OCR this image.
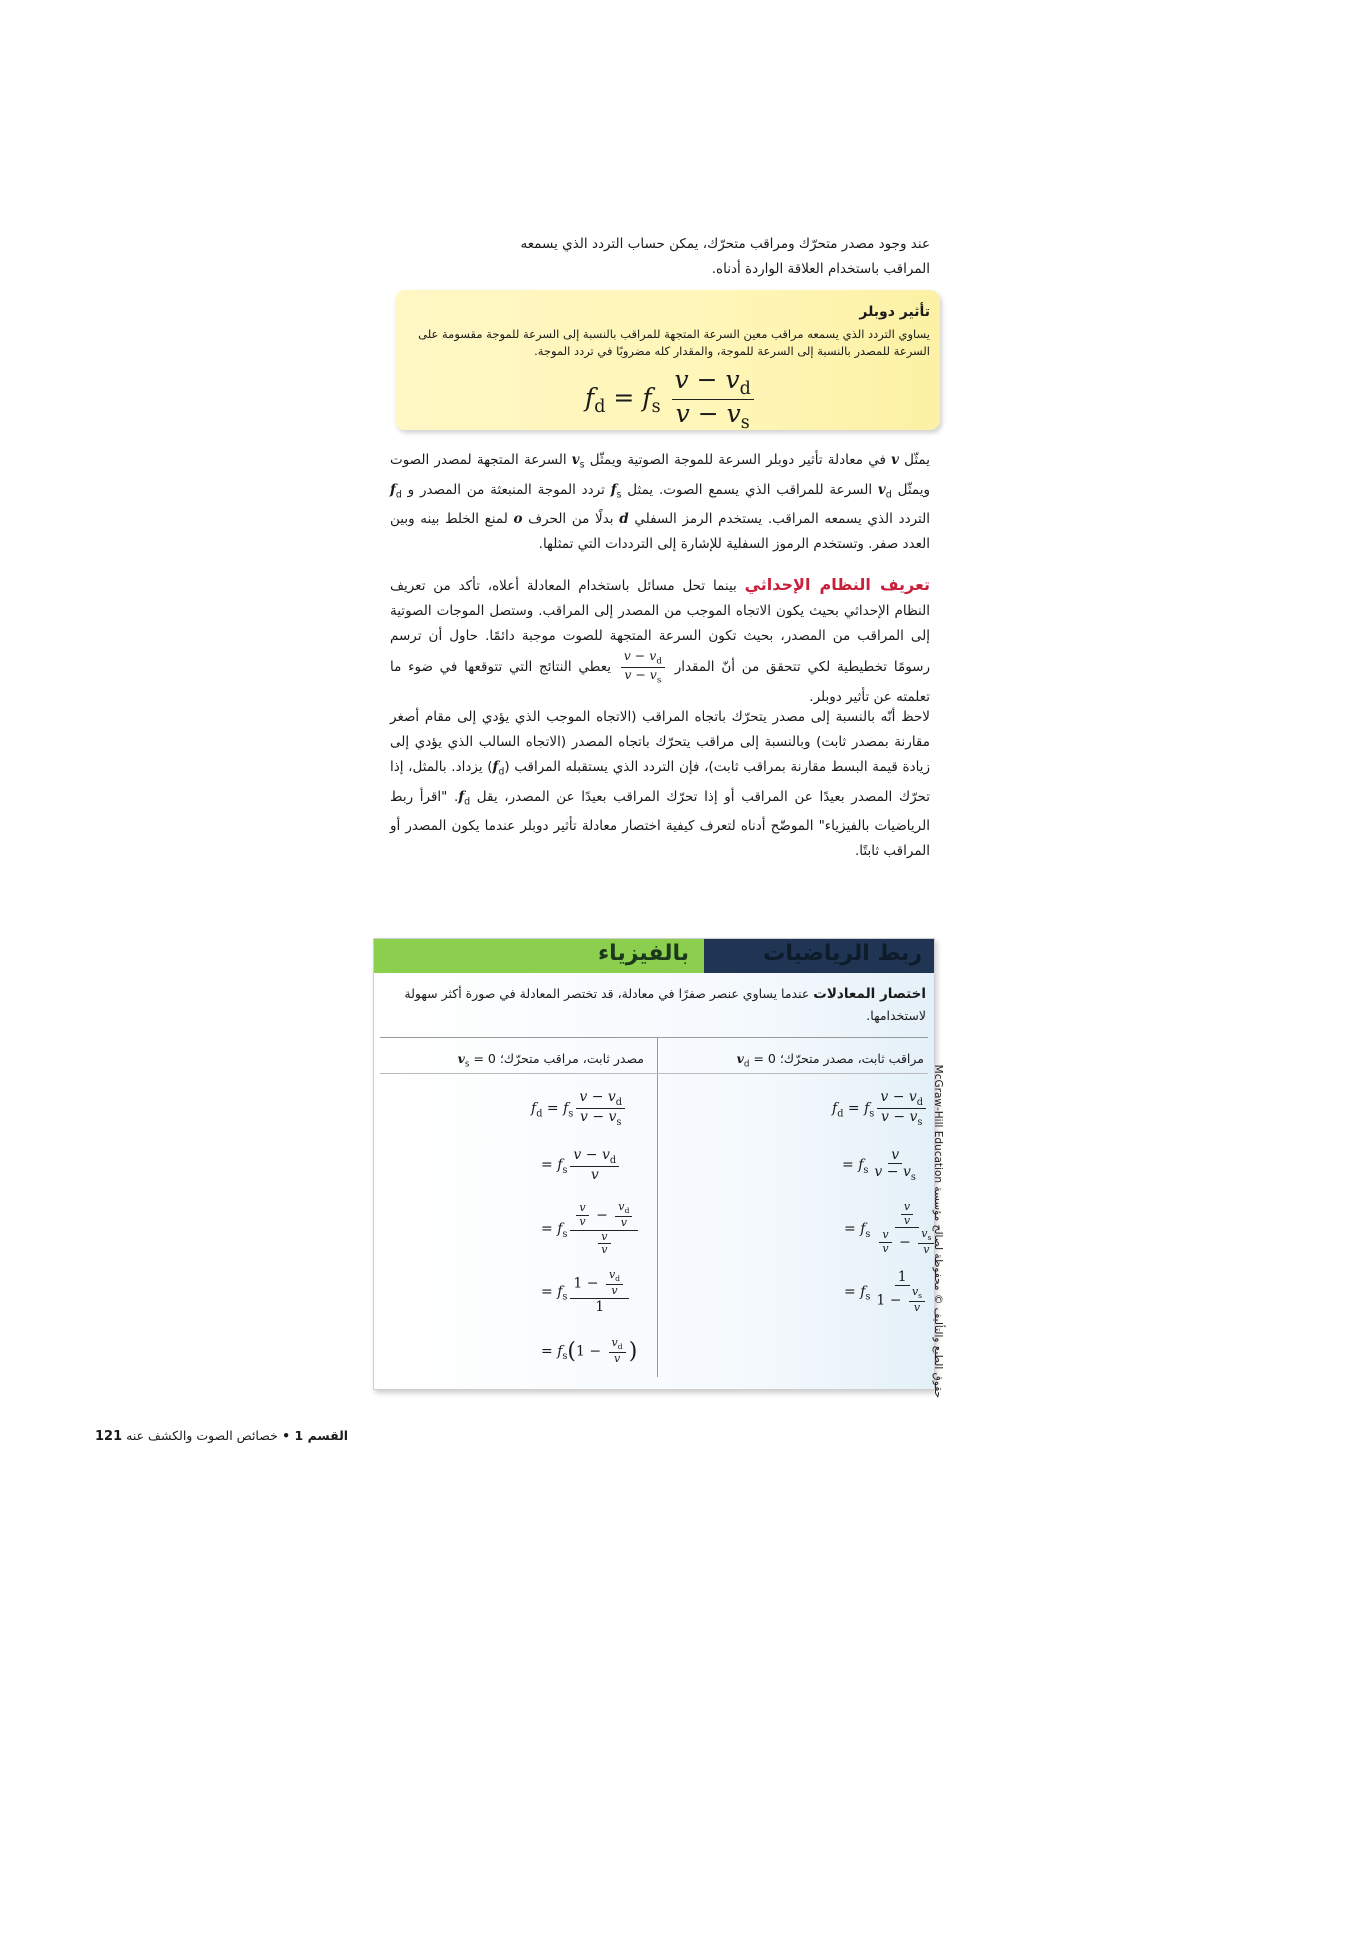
عند وجود مصدر متحرّك ومراقب متحرّك، يمكن حساب التردد الذي يسمعه
المراقب باستخدام العلاقة الواردة أدناه.
تأثير دوبلر
يساوي التردد الذي يسمعه مراقب معين السرعة المتجهة للمراقب بالنسبة إلى السرعة للموجة مقسومة على السرعة للمصدر بالنسبة إلى السرعة للموجة، والمقدار كله مضروبًا في تردد الموجة.
$f_d = f_s \frac{v - v_d}{v - v_s}$
يمثّل v في معادلة تأثير دوبلر السرعة للموجة الصوتية ويمثّل $v_s$ السرعة المتجهة لمصدر الصوت ويمثّل $v_d$ السرعة للمراقب الذي يسمع الصوت. يمثل $f_s$ تردد الموجة المنبعثة من المصدر و $f_d$ التردد الذي يسمعه المراقب. يستخدم الرمز السفلي d بدلًا من الحرف o لمنع الخلط بينه وبين العدد صفر. وتستخدم الرموز السفلية للإشارة إلى الترددات التي تمثلها.
تعريف النظام الإحداثي بينما تحل مسائل باستخدام المعادلة أعلاه، تأكد من تعريف النظام الإحداثي بحيث يكون الاتجاه الموجب من المصدر إلى المراقب. وستصل الموجات الصوتية إلى المراقب من المصدر، بحيث تكون السرعة المتجهة للصوت موجبة دائمًا. حاول أن ترسم رسومًا تخطيطية لكي تتحقق من أنّ المقدار
$\frac{v - v_d}{v - v_s}$
يعطي النتائج التي تتوقعها في ضوء ما تعلمته عن تأثير دوبلر.
لاحظ أنّه بالنسبة إلى مصدر يتحرّك باتجاه المراقب (الاتجاه الموجب الذي يؤدي إلى مقام أصغر مقارنة بمصدر ثابت) وبالنسبة إلى مراقب يتحرّك باتجاه المصدر (الاتجاه السالب الذي يؤدي إلى زيادة قيمة البسط مقارنة بمراقب ثابت)، فإن التردد الذي يستقبله المراقب $(f_d)$ يزداد. بالمثل، إذا تحرّك المصدر بعيدًا عن المراقب أو إذا تحرّك المراقب بعيدًا عن المصدر، يقل $f_d$. "اقرأ ربط الرياضيات بالفيزياء" الموضّح أدناه لتعرف كيفية اختصار معادلة تأثير دوبلر عندما يكون المصدر أو المراقب ثابتًا.
بالفيزياء	ربط الرياضيات
اختصار المعادلات عندما يساوي عنصر صفرًا في معادلة، قد تختصر المعادلة في صورة أكثر سهولة لاستخدامها.
مراقب ثابت، مصدر متحرّك؛ $v_d = 0$
مصدر ثابت، مراقب متحرّك؛ $v_s = 0$
$f_d = f_s \frac{v - v_d}{v - v_s}$
= $f_s \frac{v}{v - v_s}$
= $f_s \frac{\frac{v}{v}}{\frac{v}{v} - \frac{v_s}{v}}$
= $f_s \frac{1}{1 - \frac{v_s}{v}}$
$f_d = f_s \frac{v - v_d}{v - v_s}$
= $f_s \frac{v - v_d}{v}$
= $f_s \frac{\frac{v}{v} - \frac{v_d}{v}}{\frac{v}{v}}$
= $f_s \frac{1 - \frac{v_d}{v}}{1}$
= $f_s(1 - \frac{v_d}{v}$ )
حقوق الطبع والتأليف © محفوظة لصالح مؤسسة McGraw-Hill Education
القسم 1 • خصائص الصوت والكشف عنه 121
